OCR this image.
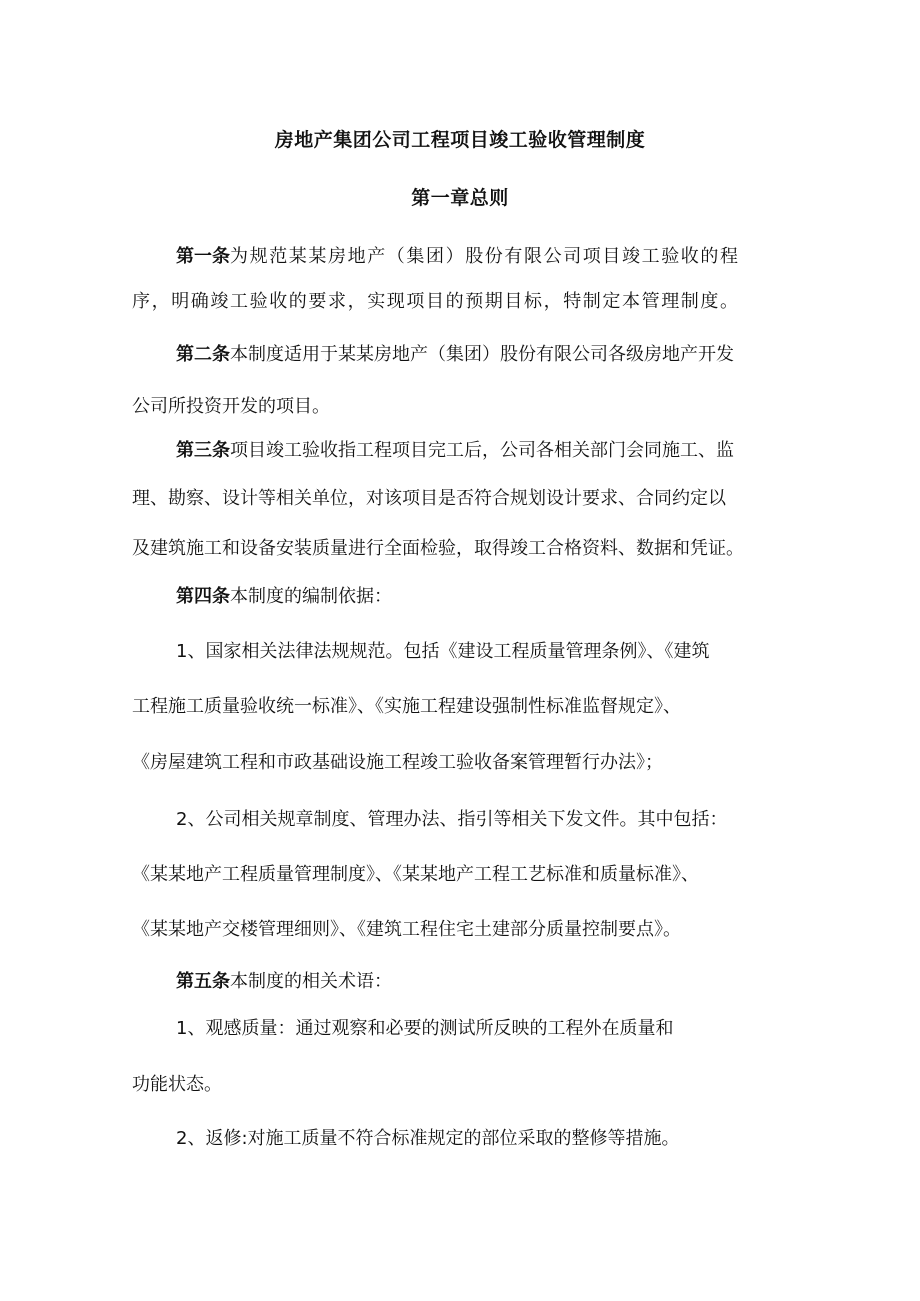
房地产集团公司工程项目竣工验收管理制度
第一章总则
第一条为规范某某房地产（集团）股份有限公司项目竣工验收的程
序，明确竣工验收的要求，实现项目的预期目标，特制定本管理制度。
第二条本制度适用于某某房地产（集团）股份有限公司各级房地产开发
公司所投资开发的项目。
第三条项目竣工验收指工程项目完工后，公司各相关部门会同施工、监
理、勘察、设计等相关单位，对该项目是否符合规划设计要求、合同约定以
及建筑施工和设备安装质量进行全面检验，取得竣工合格资料、数据和凭证。
第四条本制度的编制依据：
1、国家相关法律法规规范。包括《建设工程质量管理条例》、《建筑
工程施工质量验收统一标准》、《实施工程建设强制性标准监督规定》、
《房屋建筑工程和市政基础设施工程竣工验收备案管理暂行办法》；
2、公司相关规章制度、管理办法、指引等相关下发文件。其中包括：
《某某地产工程质量管理制度》、《某某地产工程工艺标准和质量标准》、
《某某地产交楼管理细则》、《建筑工程住宅土建部分质量控制要点》。
第五条本制度的相关术语：
1、观感质量：通过观察和必要的测试所反映的工程外在质量和
功能状态。
2、返修:对施工质量不符合标准规定的部位采取的整修等措施。
